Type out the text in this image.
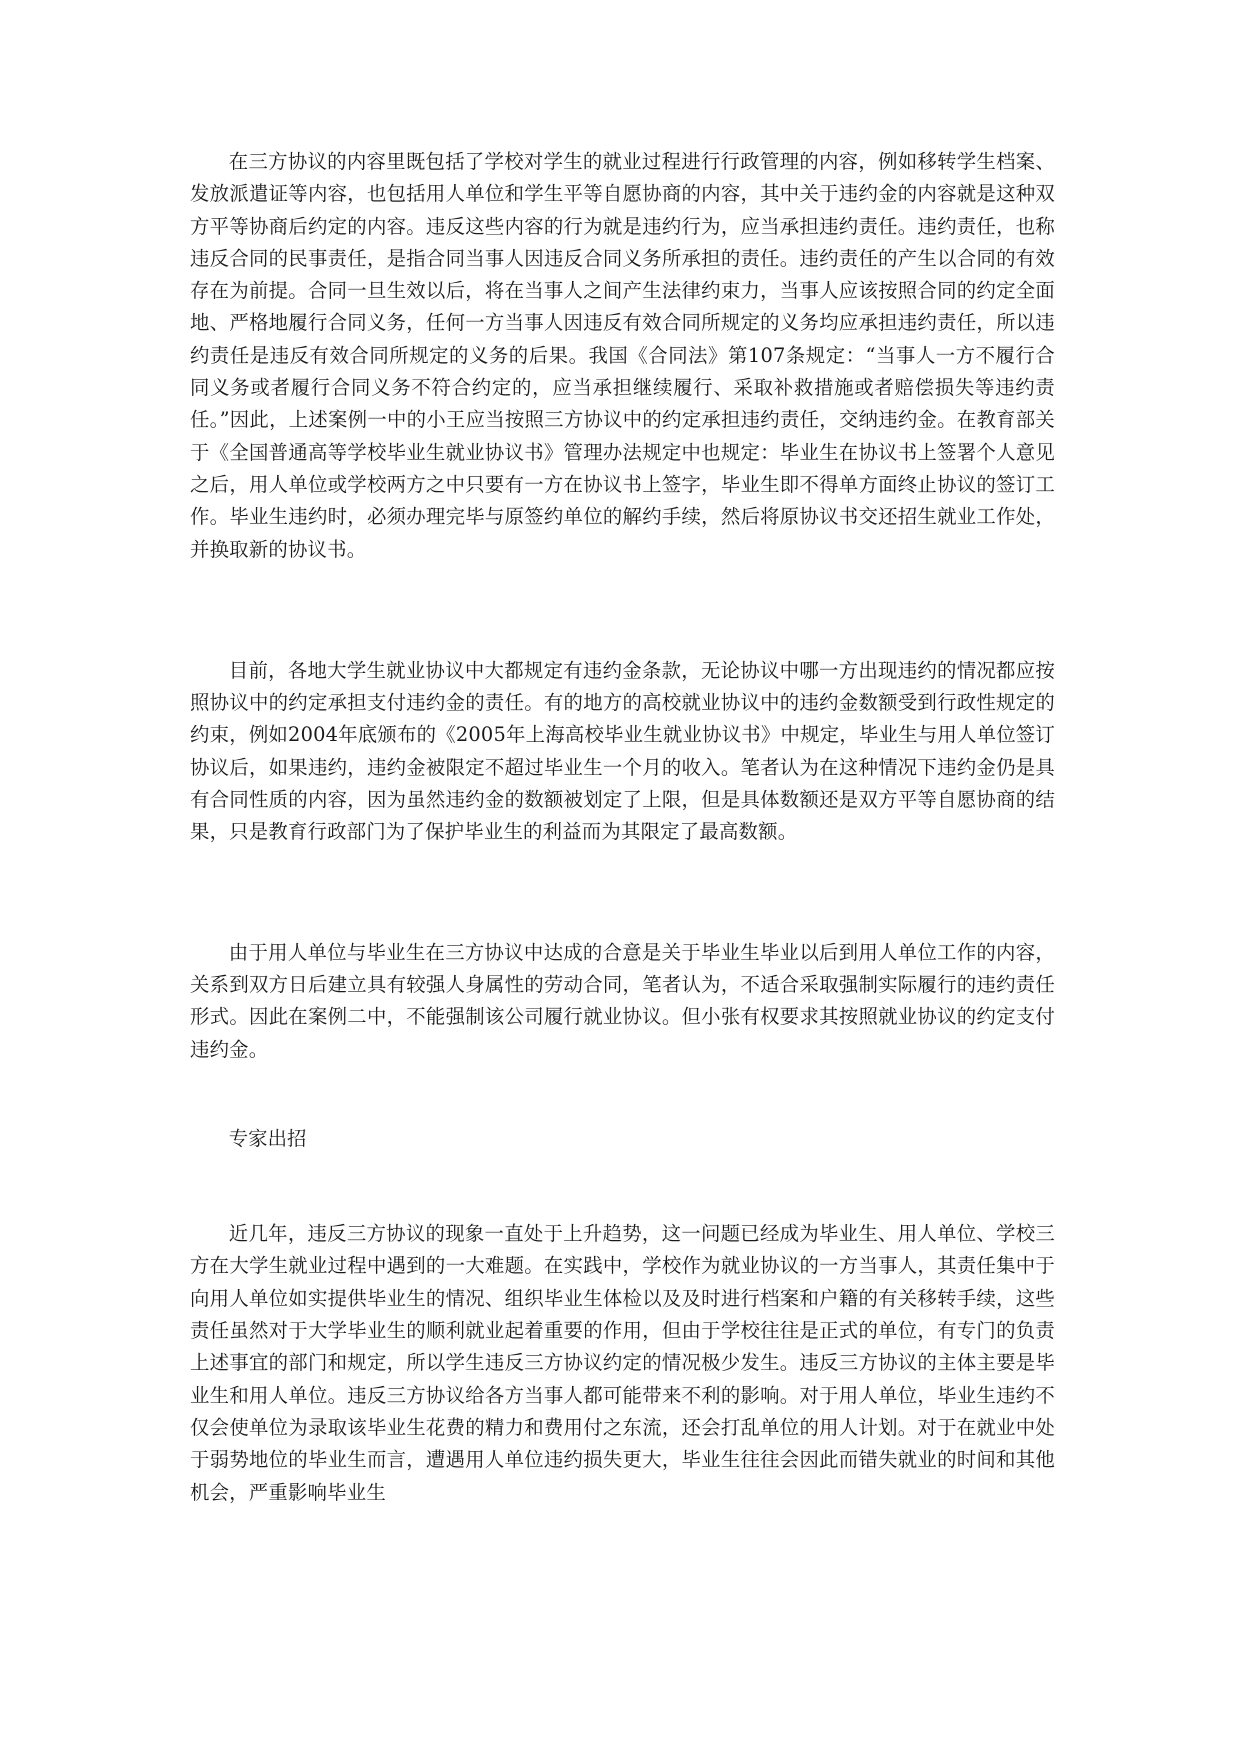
在三方协议的内容里既包括了学校对学生的就业过程进行行政管理的内容，例如移转学生档案、发放派遣证等内容，也包括用人单位和学生平等自愿协商的内容，其中关于违约金的内容就是这种双方平等协商后约定的内容。违反这些内容的行为就是违约行为，应当承担违约责任。违约责任，也称违反合同的民事责任，是指合同当事人因违反合同义务所承担的责任。违约责任的产生以合同的有效存在为前提。合同一旦生效以后，将在当事人之间产生法律约束力，当事人应该按照合同的约定全面地、严格地履行合同义务，任何一方当事人因违反有效合同所规定的义务均应承担违约责任，所以违约责任是违反有效合同所规定的义务的后果。我国《合同法》第107条规定：“当事人一方不履行合同义务或者履行合同义务不符合约定的，应当承担继续履行、采取补救措施或者赔偿损失等违约责任。”因此，上述案例一中的小王应当按照三方协议中的约定承担违约责任，交纳违约金。在教育部关于《全国普通高等学校毕业生就业协议书》管理办法规定中也规定：毕业生在协议书上签署个人意见之后，用人单位或学校两方之中只要有一方在协议书上签字，毕业生即不得单方面终止协议的签订工作。毕业生违约时，必须办理完毕与原签约单位的解约手续，然后将原协议书交还招生就业工作处，并换取新的协议书。

目前，各地大学生就业协议中大都规定有违约金条款，无论协议中哪一方出现违约的情况都应按照协议中的约定承担支付违约金的责任。有的地方的高校就业协议中的违约金数额受到行政性规定的约束，例如2004年底颁布的《2005年上海高校毕业生就业协议书》中规定，毕业生与用人单位签订协议后，如果违约，违约金被限定不超过毕业生一个月的收入。笔者认为在这种情况下违约金仍是具有合同性质的内容，因为虽然违约金的数额被划定了上限，但是具体数额还是双方平等自愿协商的结果，只是教育行政部门为了保护毕业生的利益而为其限定了最高数额。

由于用人单位与毕业生在三方协议中达成的合意是关于毕业生毕业以后到用人单位工作的内容，关系到双方日后建立具有较强人身属性的劳动合同，笔者认为，不适合采取强制实际履行的违约责任形式。因此在案例二中，不能强制该公司履行就业协议。但小张有权要求其按照就业协议的约定支付违约金。

专家出招

近几年，违反三方协议的现象一直处于上升趋势，这一问题已经成为毕业生、用人单位、学校三方在大学生就业过程中遇到的一大难题。在实践中，学校作为就业协议的一方当事人，其责任集中于向用人单位如实提供毕业生的情况、组织毕业生体检以及及时进行档案和户籍的有关移转手续，这些责任虽然对于大学毕业生的顺利就业起着重要的作用，但由于学校往往是正式的单位，有专门的负责上述事宜的部门和规定，所以学生违反三方协议约定的情况极少发生。违反三方协议的主体主要是毕业生和用人单位。违反三方协议给各方当事人都可能带来不利的影响。对于用人单位，毕业生违约不仅会使单位为录取该毕业生花费的精力和费用付之东流，还会打乱单位的用人计划。对于在就业中处于弱势地位的毕业生而言，遭遇用人单位违约损失更大，毕业生往往会因此而错失就业的时间和其他机会，严重影响毕业生
